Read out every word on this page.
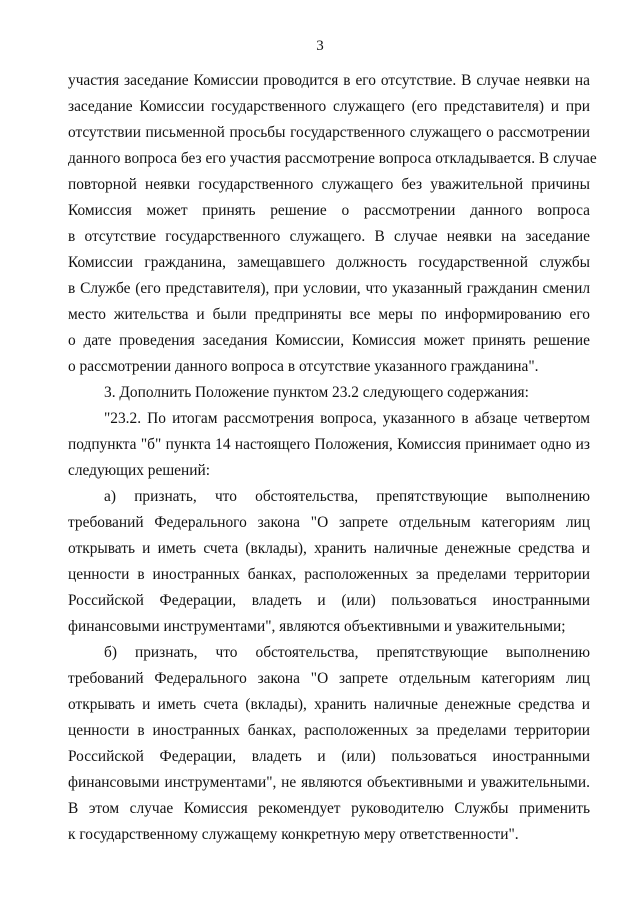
3
участия заседание Комиссии проводится в его отсутствие. В случае неявки на
заседание Комиссии государственного служащего (его представителя) и при
отсутствии письменной просьбы государственного служащего о рассмотрении
данного вопроса без его участия рассмотрение вопроса откладывается. В случае
повторной неявки государственного служащего без уважительной причины
Комиссия может принять решение о рассмотрении данного вопроса
в отсутствие государственного служащего. В случае неявки на заседание
Комиссии гражданина, замещавшего должность государственной службы
в Службе (его представителя), при условии, что указанный гражданин сменил
место жительства и были предприняты все меры по информированию его
о дате проведения заседания Комиссии, Комиссия может принять решение
о рассмотрении данного вопроса в отсутствие указанного гражданина".
3. Дополнить Положение пунктом 23.2 следующего содержания:
"23.2. По итогам рассмотрения вопроса, указанного в абзаце четвертом
подпункта "б" пункта 14 настоящего Положения, Комиссия принимает одно из
следующих решений:
а) признать, что обстоятельства, препятствующие выполнению
требований Федерального закона "О запрете отдельным категориям лиц
открывать и иметь счета (вклады), хранить наличные денежные средства и
ценности в иностранных банках, расположенных за пределами территории
Российской Федерации, владеть и (или) пользоваться иностранными
финансовыми инструментами", являются объективными и уважительными;
б) признать, что обстоятельства, препятствующие выполнению
требований Федерального закона "О запрете отдельным категориям лиц
открывать и иметь счета (вклады), хранить наличные денежные средства и
ценности в иностранных банках, расположенных за пределами территории
Российской Федерации, владеть и (или) пользоваться иностранными
финансовыми инструментами", не являются объективными и уважительными.
В этом случае Комиссия рекомендует руководителю Службы применить
к государственному служащему конкретную меру ответственности".
